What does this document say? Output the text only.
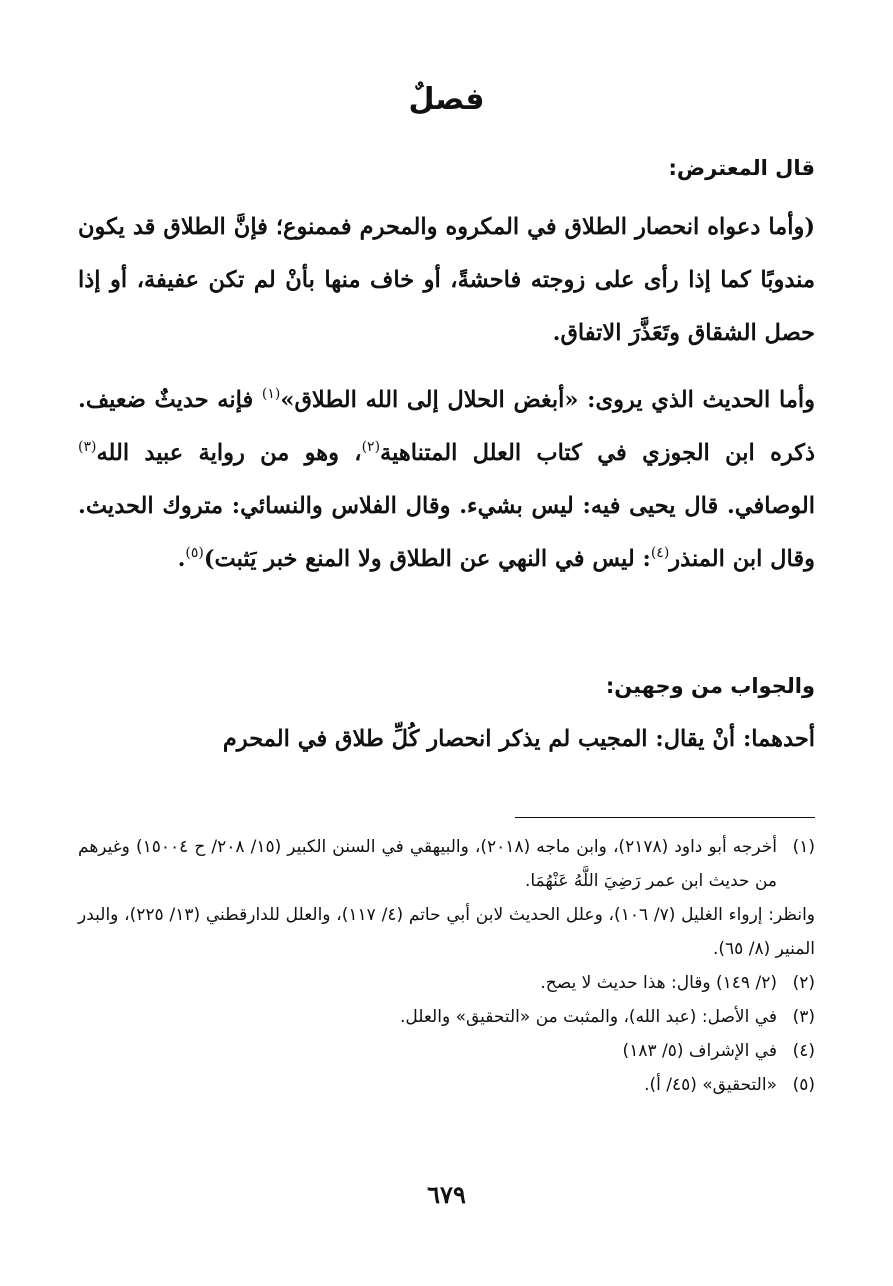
فصلٌ
قال المعترض:
(وأما دعواه انحصار الطلاق في المكروه والمحرم فممنوع؛ فإنَّ الطلاق قد يكون مندوبًا كما إذا رأى على زوجته فاحشةً، أو خاف منها بأنْ لم تكن عفيفة، أو إذا حصل الشقاق وتَعَذَّرَ الاتفاق.
وأما الحديث الذي يروى: «أبغض الحلال إلى الله الطلاق»$^{(١)}$ فإنه حديثٌ ضعيف. ذكره ابن الجوزي في كتاب العلل المتناهية$^{(٢)}$، وهو من رواية عبيد الله$^{(٣)}$ الوصافي. قال يحيى فيه: ليس بشيء. وقال الفلاس والنسائي: متروك الحديث. وقال ابن المنذر$^{(٤)}$: ليس في النهي عن الطلاق ولا المنع خبر يَثبت)$^{(٥)}$.
والجواب من وجهين:
أحدهما: أنْ يقال: المجيب لم يذكر انحصار كُلِّ طلاق في المحرم
(١)
أخرجه أبو داود (٢١٧٨)، وابن ماجه (٢٠١٨)، والبيهقي في السنن الكبير (١٥/ ٢٠٨/ ح ١٥٠٠٤) وغيرهم من حديث ابن عمر رَضِيَ اللَّهُ عَنْهُمَا.
وانظر: إرواء الغليل (٧/ ١٠٦)، وعلل الحديث لابن أبي حاتم (٤/ ١١٧)، والعلل للدارقطني (١٣/ ٢٢٥)، والبدر المنير (٨/ ٦٥).
(٢)
(٢/ ١٤٩) وقال: هذا حديث لا يصح.
(٣)
في الأصل: (عبد الله)، والمثبت من «التحقيق» والعلل.
(٤)
في الإشراف (٥/ ١٨٣)
(٥)
«التحقيق» (٤٥/ أ).
٦٧٩
